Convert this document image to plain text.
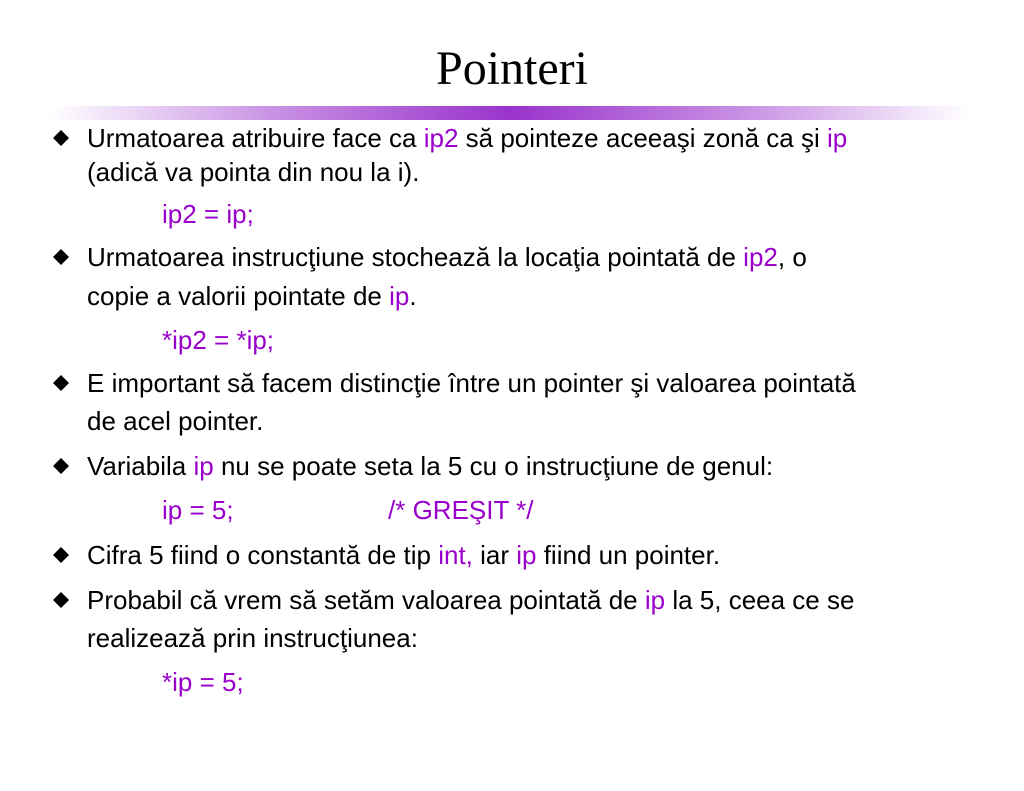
Pointeri
Urmatoarea atribuire face ca ip2 să pointeze aceeaşi zonă ca şi ip
(adică va pointa din nou la i).
ip2 = ip;
Urmatoarea instrucţiune stochează la locaţia pointată de ip2, o
copie a valorii pointate de ip.
*ip2 = *ip;
E important să facem distincţie între un pointer şi valoarea pointată
de acel pointer.
Variabila ip nu se poate seta la 5 cu o instrucţiune de genul:
ip = 5;	/* GREŞIT */
Cifra 5 fiind o constantă de tip int, iar ip fiind un pointer.
Probabil că vrem să setăm valoarea pointată de ip la 5, ceea ce se
realizează prin instrucţiunea:
*ip = 5;
